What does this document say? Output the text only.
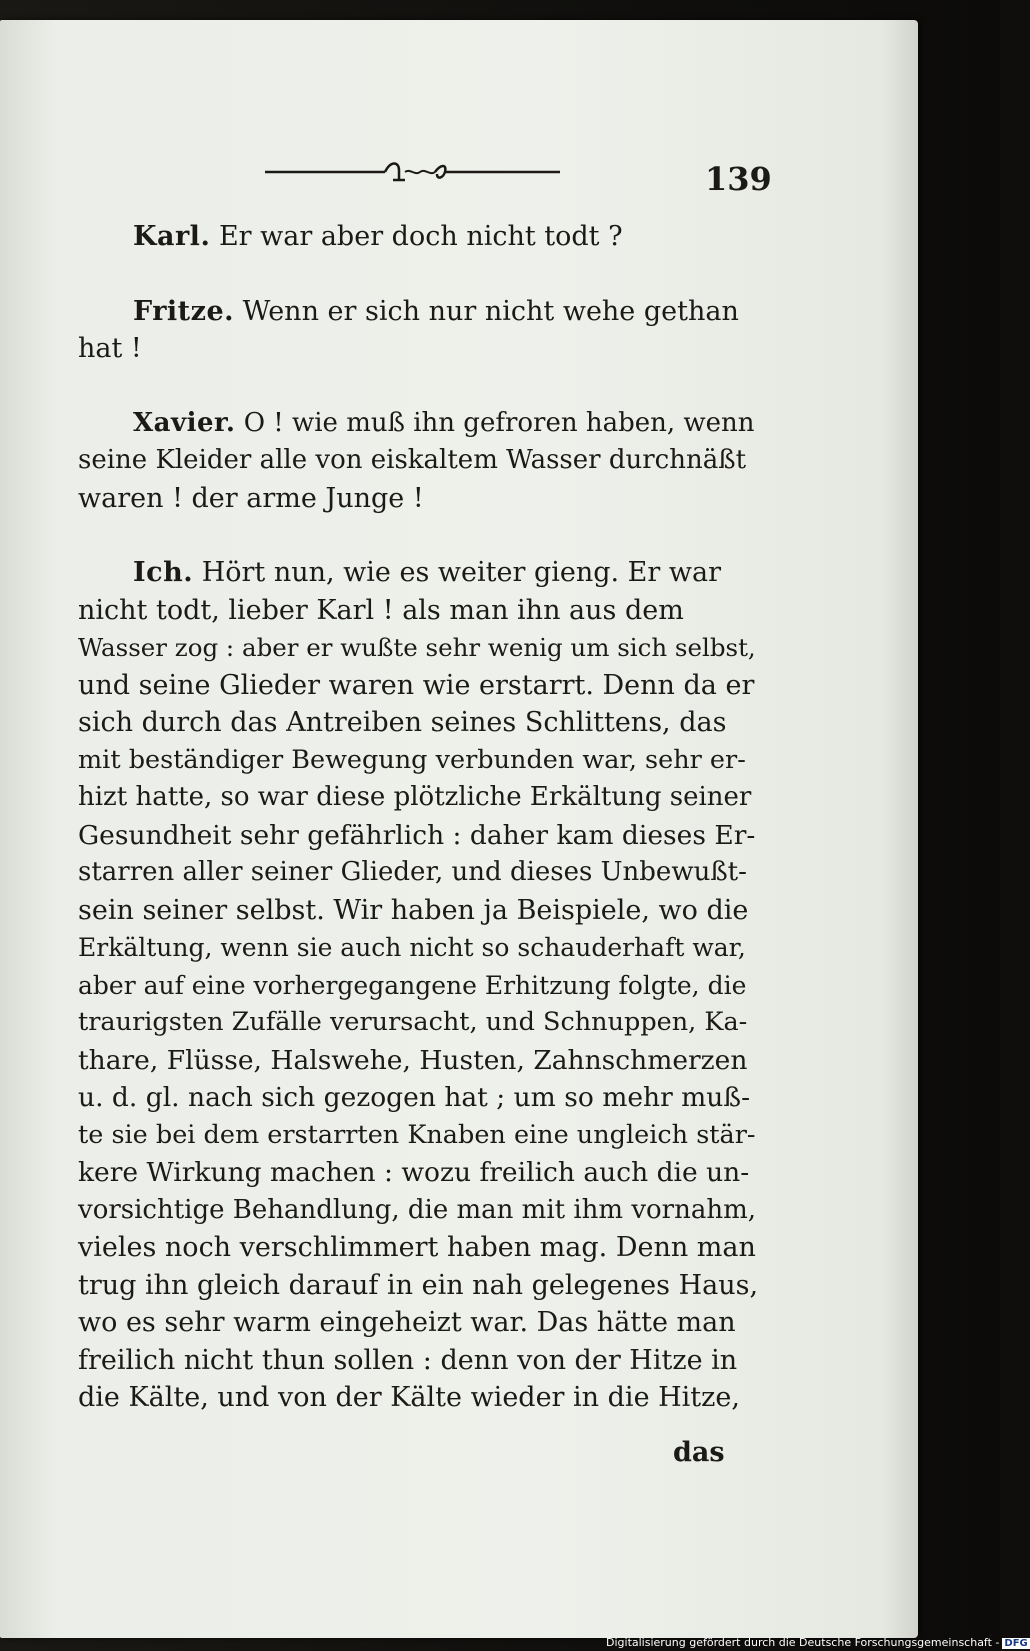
139

Karl. Er war aber doch nicht todt ?

Fritze. Wenn er sich nur nicht wehe gethan
hat !

Xavier. O ! wie muß ihn gefroren haben, wenn
seine Kleider alle von eiskaltem Wasser durchnäßt
waren ! der arme Junge !

Ich. Hört nun, wie es weiter gieng. Er war
nicht todt, lieber Karl ! als man ihn aus dem
Wasser zog : aber er wußte sehr wenig um sich selbst,
und seine Glieder waren wie erstarrt. Denn da er
sich durch das Antreiben seines Schlittens, das
mit beständiger Bewegung verbunden war, sehr er-
hizt hatte, so war diese plötzliche Erkältung seiner
Gesundheit sehr gefährlich : daher kam dieses Er-
starren aller seiner Glieder, und dieses Unbewußt-
sein seiner selbst. Wir haben ja Beispiele, wo die
Erkältung, wenn sie auch nicht so schauderhaft war,
aber auf eine vorhergegangene Erhitzung folgte, die
traurigsten Zufälle verursacht, und Schnuppen, Ka-
thare, Flüsse, Halswehe, Husten, Zahnschmerzen
u. d. gl. nach sich gezogen hat ; um so mehr muß-
te sie bei dem erstarrten Knaben eine ungleich stär-
kere Wirkung machen : wozu freilich auch die un-
vorsichtige Behandlung, die man mit ihm vornahm,
vieles noch verschlimmert haben mag. Denn man
trug ihn gleich darauf in ein nah gelegenes Haus,
wo es sehr warm eingeheizt war. Das hätte man
freilich nicht thun sollen : denn von der Hitze in
die Kälte, und von der Kälte wieder in die Hitze,

das
Digitalisierung gefördert durch die Deutsche Forschungsgemeinschaft - DFG
